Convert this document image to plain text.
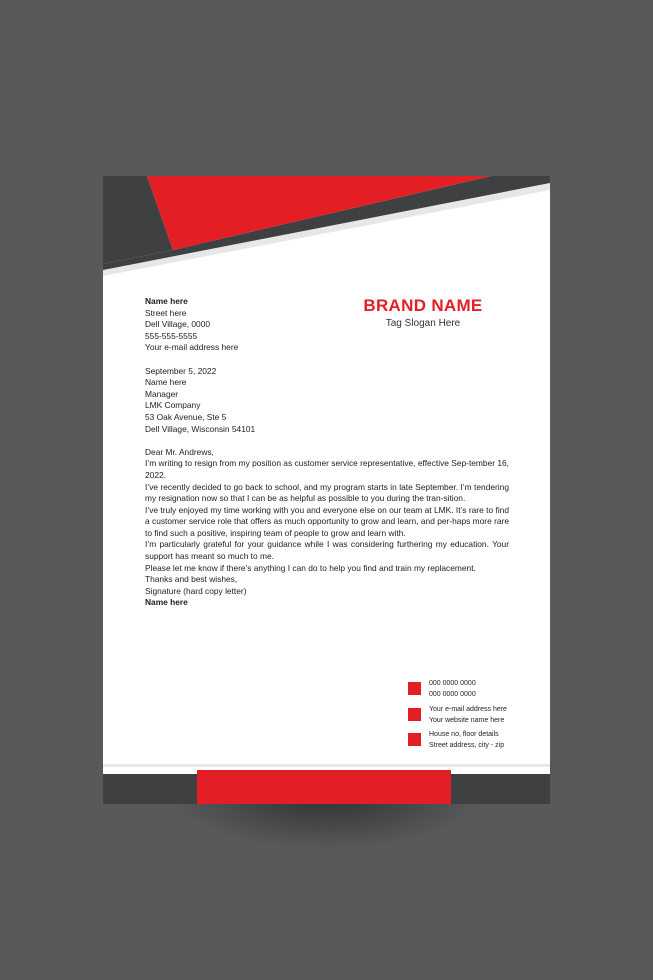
BRAND NAME
Tag Slogan Here

Name here

Street here

Dell Village, 0000

555-555-5555

Your e-mail address here

September 5, 2022

Name here

Manager

LMK Company

53 Oak Avenue, Ste 5

Dell Village, Wisconsin 54101

Dear Mr. Andrews,

I’m writing to resign from my position as customer service representative, effective Sep-tember 16, 2022.

I’ve recently decided to go back to school, and my program starts in late September. I’m tendering my resignation now so that I can be as helpful as possible to you during the tran-sition.

I’ve truly enjoyed my time working with you and everyone else on our team at LMK. It’s rare to find a customer service role that offers as much opportunity to grow and learn, and per-haps more rare to find such a positive, inspiring team of people to grow and learn with.

I’m particularly grateful for your guidance while I was considering furthering my education. Your support has meant so much to me.

Please let me know if there’s anything I can do to help you find and train my replacement.

Thanks and best wishes,

Signature (hard copy letter)

Name here

000 0000 0000
000 0000 0000
Your e-mail address here
Your website name here
House no, floor details
Street address, city - zip
